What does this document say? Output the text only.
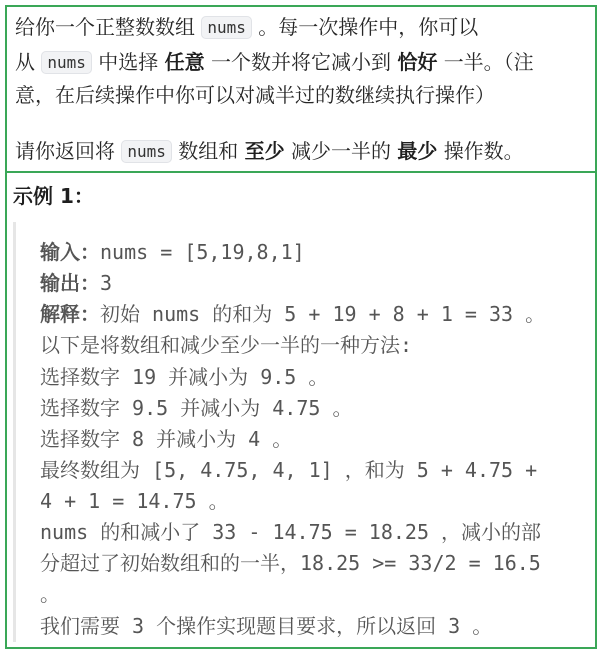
给你一个正整数数组 nums 。每一次操作中，你可以
从 nums 中选择 任意 一个数并将它减小到 恰好 一半。（注
意，在后续操作中你可以对减半过的数继续执行操作）
请你返回将 nums 数组和 至少 减少一半的 最少 操作数。
示例 1：
输入：nums = [5,19,8,1]
输出：3
解释：初始 nums 的和为 5 + 19 + 8 + 1 = 33 。
以下是将数组和减少至少一半的一种方法:
选择数字 19 并减小为 9.5 。
选择数字 9.5 并减小为 4.75 。
选择数字 8 并减小为 4 。
最终数组为 [5, 4.75, 4, 1] ，和为 5 + 4.75 +
4 + 1 = 14.75 。
nums 的和减小了 33 - 14.75 = 18.25 ，减小的部
分超过了初始数组和的一半，18.25 >= 33/2 = 16.5
。
我们需要 3 个操作实现题目要求，所以返回 3 。
